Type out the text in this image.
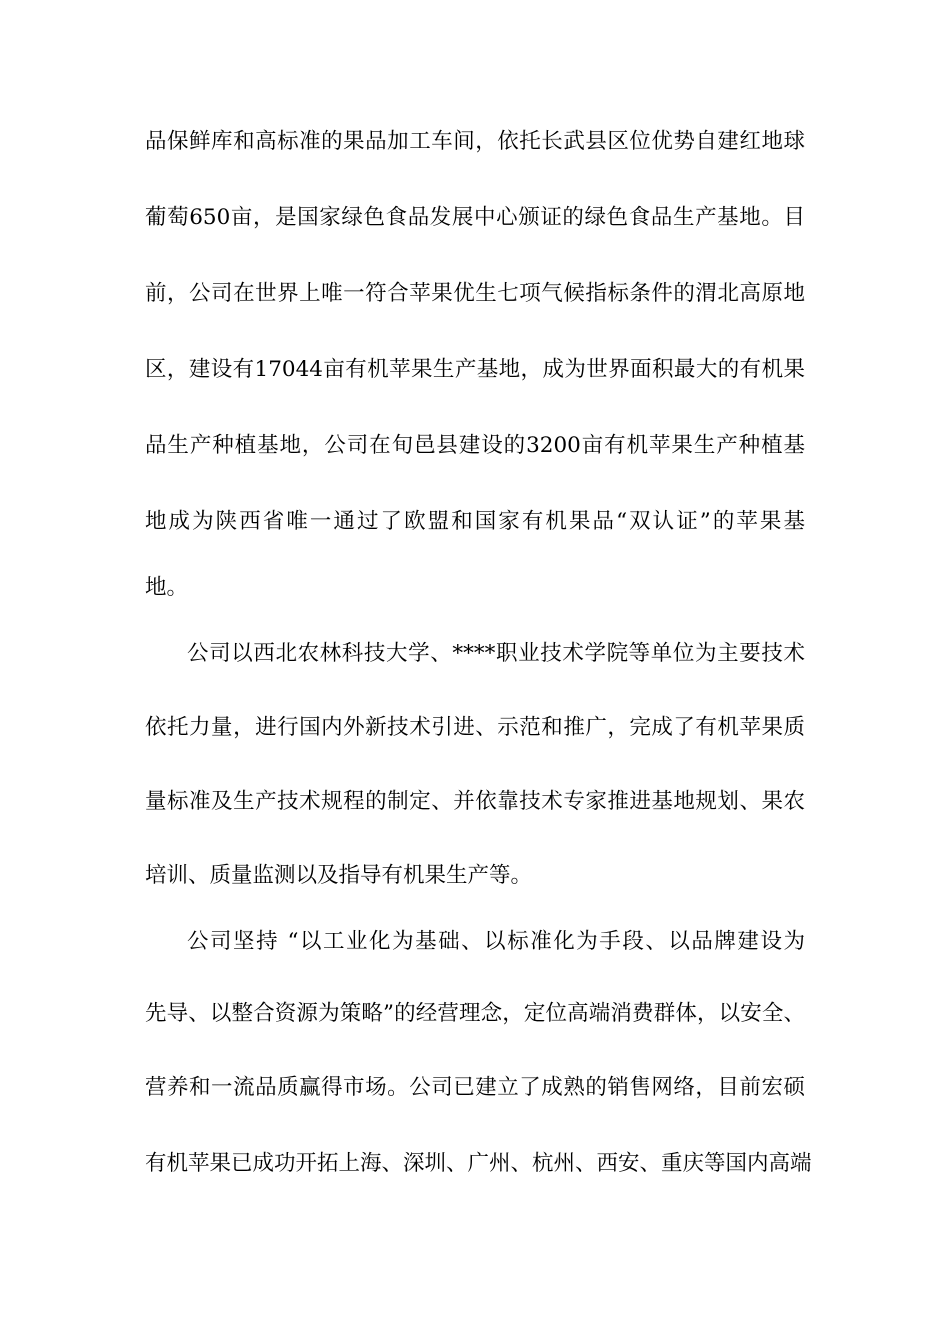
品保鲜库和高标准的果品加工车间，依托长武县区位优势自建红地球
葡萄650亩，是国家绿色食品发展中心颁证的绿色食品生产基地。目
前，公司在世界上唯一符合苹果优生七项气候指标条件的渭北高原地
区，建设有17044亩有机苹果生产基地，成为世界面积最大的有机果
品生产种植基地，公司在旬邑县建设的3200亩有机苹果生产种植基
地成为陕西省唯一通过了欧盟和国家有机果品“双认证”的苹果基
地。
公司以西北农林科技大学、****职业技术学院等单位为主要技术
依托力量，进行国内外新技术引进、示范和推广，完成了有机苹果质
量标准及生产技术规程的制定、并依靠技术专家推进基地规划、果农
培训、质量监测以及指导有机果生产等。
公司坚持 “以工业化为基础、以标准化为手段、以品牌建设为
先导、以整合资源为策略”的经营理念，定位高端消费群体，以安全、
营养和一流品质赢得市场。公司已建立了成熟的销售网络，目前宏硕
有机苹果已成功开拓上海、深圳、广州、杭州、西安、重庆等国内高端
